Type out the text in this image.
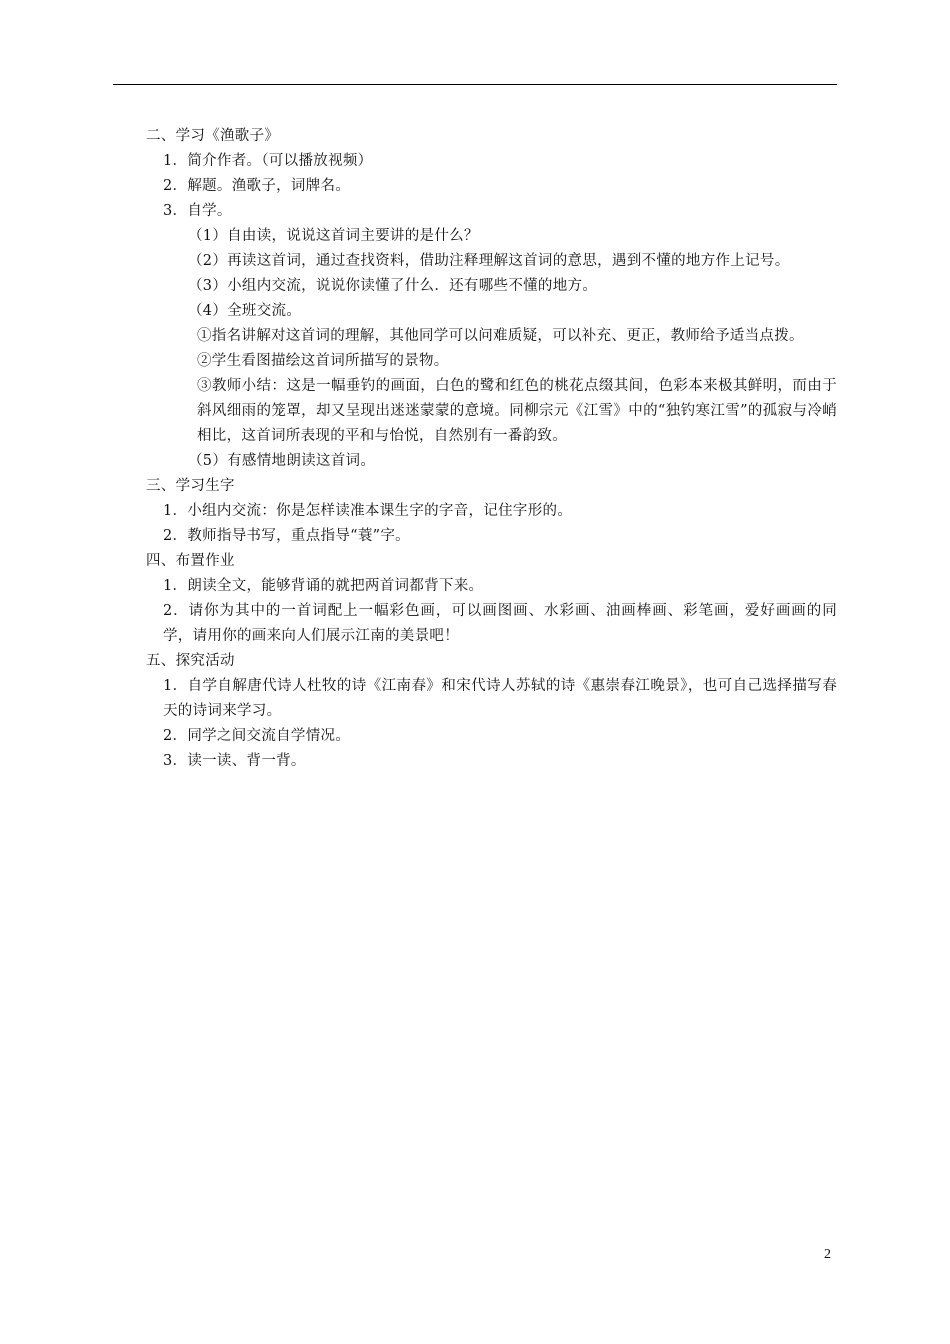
二、学习《渔歌子》

1．简介作者。（可以播放视频）

2．解题。渔歌子，词牌名。

3．自学。

（1）自由读，说说这首词主要讲的是什么？

（2）再读这首词，通过查找资料，借助注释理解这首词的意思，遇到不懂的地方作上记号。

（3）小组内交流，说说你读懂了什么．还有哪些不懂的地方。

（4）全班交流。

①指名讲解对这首词的理解，其他同学可以问难质疑，可以补充、更正，教师给予适当点拨。

②学生看图描绘这首词所描写的景物。

③教师小结：这是一幅垂钓的画面，白色的鹭和红色的桃花点缀其间，色彩本来极其鲜明，而由于斜风细雨的笼罩，却又呈现出迷迷蒙蒙的意境。同柳宗元《江雪》中的“独钓寒江雪”的孤寂与冷峭相比，这首词所表现的平和与怡悦，自然别有一番韵致。

（5）有感情地朗读这首词。

三、学习生字

1．小组内交流：你是怎样读准本课生字的字音，记住字形的。

2．教师指导书写，重点指导“蓑”字。

四、布置作业

1．朗读全文，能够背诵的就把两首词都背下来。

2．请你为其中的一首词配上一幅彩色画，可以画图画、水彩画、油画棒画、彩笔画，爱好画画的同学，请用你的画来向人们展示江南的美景吧！

五、探究活动

1．自学自解唐代诗人杜牧的诗《江南春》和宋代诗人苏轼的诗《惠崇春江晚景》，也可自己选择描写春天的诗词来学习。

2．同学之间交流自学情况。

3．读一读、背一背。

2
